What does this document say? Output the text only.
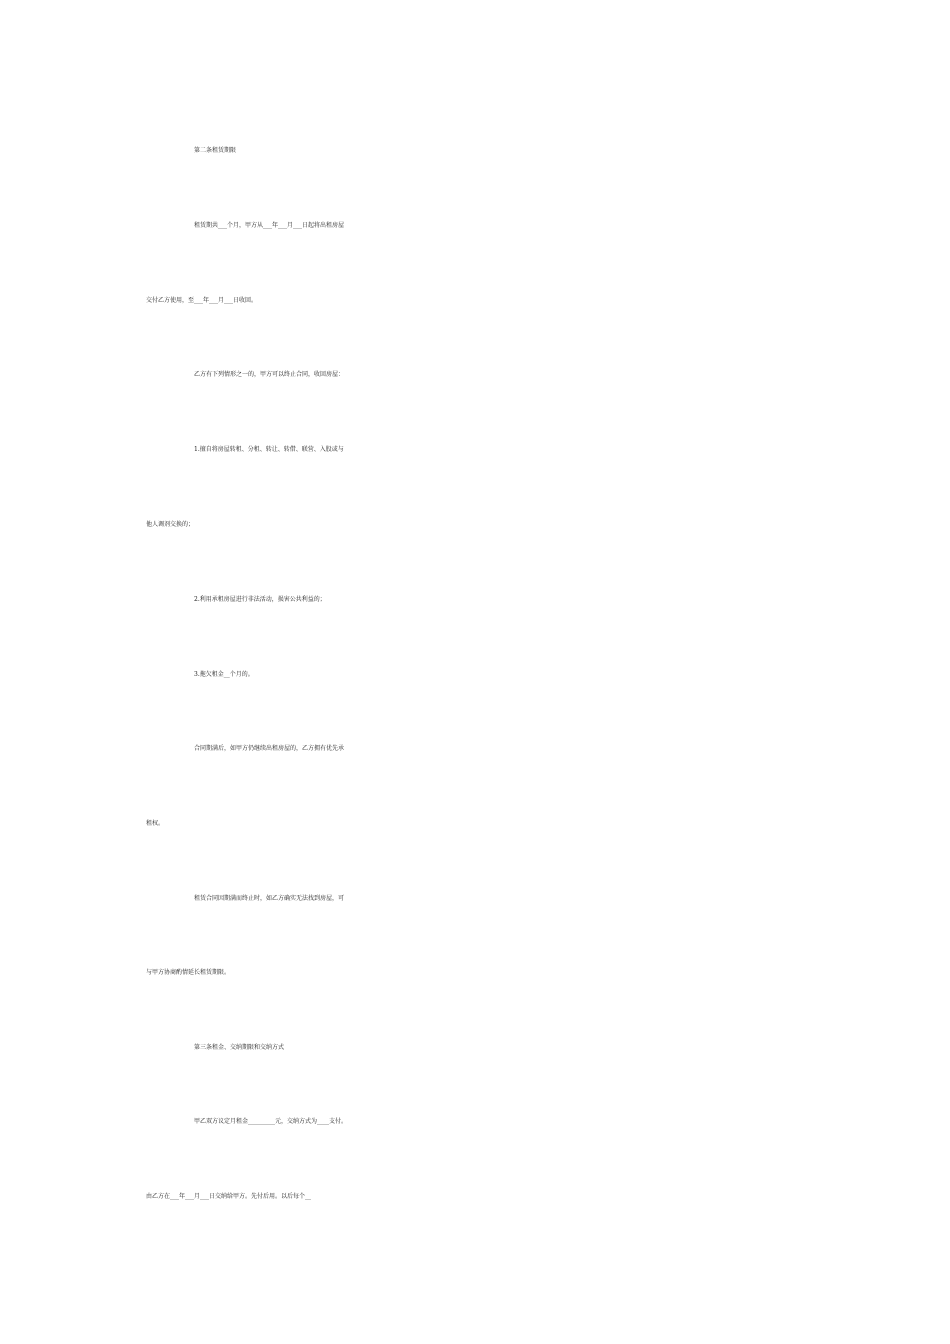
第二条租赁期限

租赁期共___个月，甲方从___年___月___日起将出租房屋

交付乙方使用，至___年___月___日收回。

乙方有下列情形之一的，甲方可以终止合同，收回房屋：

1.擅自将房屋转租、分租、转让、转借、联营、入股或与

他人调剂交换的；

2.利用承租房屋进行非法活动，损害公共利益的；

3.拖欠租金__个月的。

合同期满后，如甲方仍继续出租房屋的，乙方拥有优先承

租权。

租赁合同因期满而终止时，如乙方确实无法找到房屋，可

与甲方协商酌情延长租赁期限。

第三条租金、交纳期限和交纳方式

甲乙双方议定月租金_________元，交纳方式为____支付。

由乙方在___年___月___日交纳给甲方。先付后用。以后每个__
